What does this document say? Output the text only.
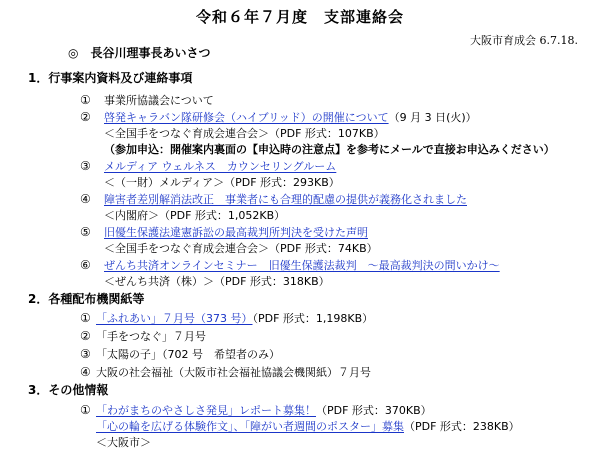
令和６年７月度　支部連絡会
大阪市育成会 6.7.18.
◎　長谷川理事長あいさつ
1．行事案内資料及び連絡事項
① 事業所協議会について
② 啓発キャラバン隊研修会（ハイブリッド）の開催について（9 月 3 日(火)）
＜全国手をつなぐ育成会連合会＞（PDF 形式：107KB）
（参加申込：開催案内裏面の【申込時の注意点】を参考にメールで直接お申込みください）
③ メルディア ウェルネス　カウンセリングルーム
＜（一財）メルディア＞（PDF 形式：293KB）
④ 障害者差別解消法改正　事業者にも合理的配慮の提供が義務化されました
＜内閣府＞（PDF 形式：1,052KB）
⑤ 旧優生保護法違憲訴訟の最高裁判所判決を受けた声明
＜全国手をつなぐ育成会連合会＞（PDF 形式：74KB）
⑥ ぜんち共済オンラインセミナー　旧優生保護法裁判　～最高裁判決の問いかけ～
＜ぜんち共済（株）＞（PDF 形式：318KB）
2．各種配布機関紙等
① 「ふれあい」７月号（373 号）（PDF 形式：1,198KB）
② 「手をつなぐ」７月号
③ 「太陽の子」（702 号　希望者のみ）
④ 大阪の社会福祉（大阪市社会福祉協議会機関紙）７月号
3．その他情報
① 「わがまちのやさしさ発見」レポート募集！（PDF 形式：370KB）
「心の輪を広げる体験作文」、「障がい者週間のポスター」募集（PDF 形式：238KB）
＜大阪市＞
